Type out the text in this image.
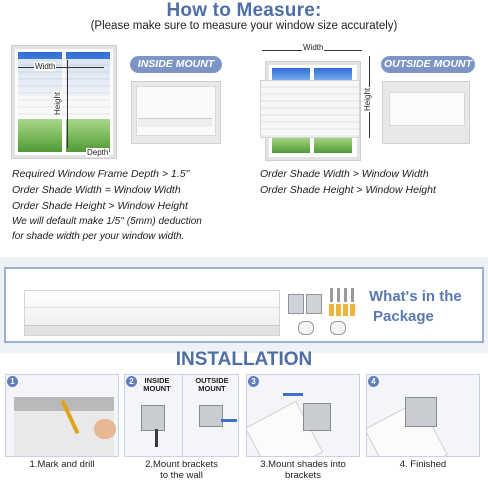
How to Measure:
(Please make sure to measure your window size accurately)
Width
Height
Depth
INSIDE MOUNT
Width
Height
OUTSIDE MOUNT
Required Window Frame Depth > 1.5''
Order Shade Width = Window Width
Order Shade Height > Window Height
We will default make 1/5'' (5mm) deduction
for shade width per your window width.
Order Shade Width > Window Width
Order Shade Height > Window Height
What's in the
Package
INSTALLATION
1
1.Mark and drill
2	INSIDE
MOUNT
OUTSIDE
MOUNT
2.Mount brackets
to the wall
3
3.Mount shades into
brackets
4
4. Finished
